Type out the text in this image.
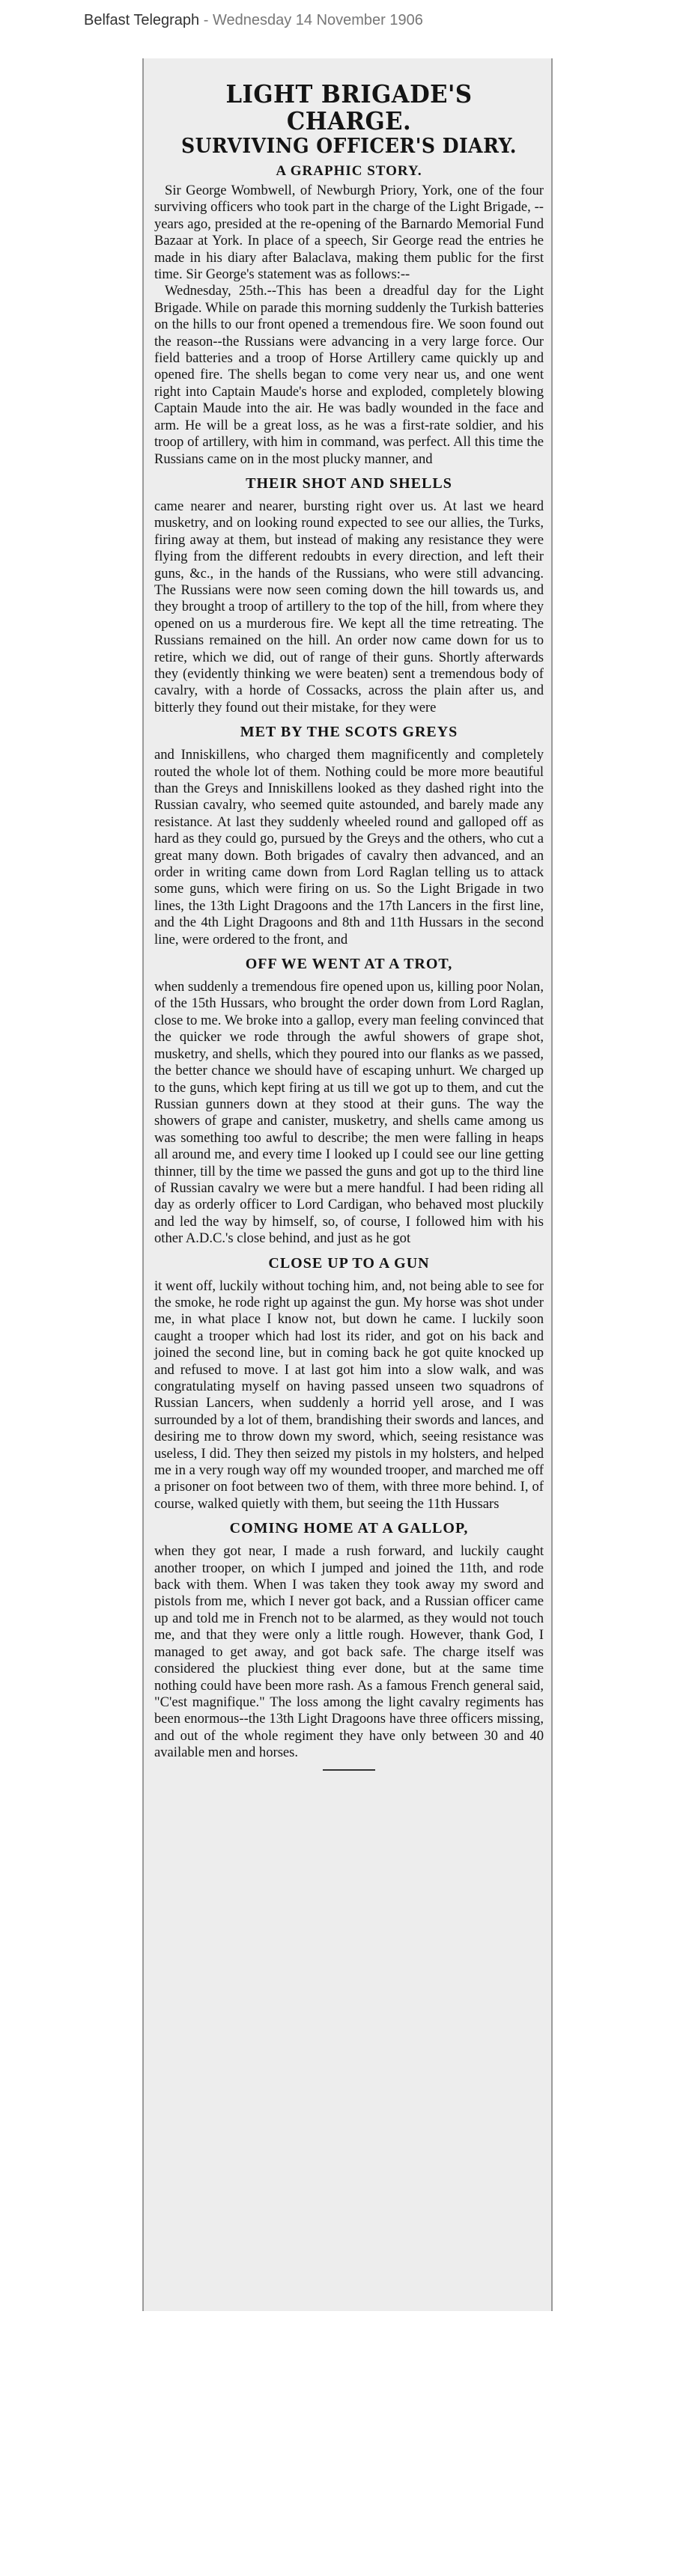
Belfast Telegraph - Wednesday 14 November 1906
LIGHT BRIGADE'S CHARGE.
SURVIVING OFFICER'S DIARY.
A GRAPHIC STORY.

Sir George Wombwell, of Newburgh Priory, York, one of the four surviving officers who took part in the charge of the Light Brigade, -- years ago, presided at the re-opening of the Barnardo Memorial Fund Bazaar at York. In place of a speech, Sir George read the entries he made in his diary after Balaclava, making them public for the first time. Sir George's statement was as follows:--

Wednesday, 25th.--This has been a dreadful day for the Light Brigade. While on parade this morning suddenly the Turkish batteries on the hills to our front opened a tremendous fire. We soon found out the reason--the Russians were advancing in a very large force. Our field batteries and a troop of Horse Artillery came quickly up and opened fire. The shells began to come very near us, and one went right into Captain Maude's horse and exploded, completely blowing Captain Maude into the air. He was badly wounded in the face and arm. He will be a great loss, as he was a first-rate soldier, and his troop of artillery, with him in command, was perfect. All this time the Russians came on in the most plucky manner, and

THEIR SHOT AND SHELLS

came nearer and nearer, bursting right over us. At last we heard musketry, and on looking round expected to see our allies, the Turks, firing away at them, but instead of making any resistance they were flying from the different redoubts in every direction, and left their guns, &c., in the hands of the Russians, who were still advancing. The Russians were now seen coming down the hill towards us, and they brought a troop of artillery to the top of the hill, from where they opened on us a murderous fire. We kept all the time retreating. The Russians remained on the hill. An order now came down for us to retire, which we did, out of range of their guns. Shortly afterwards they (evidently thinking we were beaten) sent a tremendous body of cavalry, with a horde of Cossacks, across the plain after us, and bitterly they found out their mistake, for they were

MET BY THE SCOTS GREYS

and Inniskillens, who charged them magnificently and completely routed the whole lot of them. Nothing could be more more beautiful than the Greys and Inniskillens looked as they dashed right into the Russian cavalry, who seemed quite astounded, and barely made any resistance. At last they suddenly wheeled round and galloped off as hard as they could go, pursued by the Greys and the others, who cut a great many down. Both brigades of cavalry then advanced, and an order in writing came down from Lord Raglan telling us to attack some guns, which were firing on us. So the Light Brigade in two lines, the 13th Light Dragoons and the 17th Lancers in the first line, and the 4th Light Dragoons and 8th and 11th Hussars in the second line, were ordered to the front, and

OFF WE WENT AT A TROT,

when suddenly a tremendous fire opened upon us, killing poor Nolan, of the 15th Hussars, who brought the order down from Lord Raglan, close to me. We broke into a gallop, every man feeling convinced that the quicker we rode through the awful showers of grape shot, musketry, and shells, which they poured into our flanks as we passed, the better chance we should have of escaping unhurt. We charged up to the guns, which kept firing at us till we got up to them, and cut the Russian gunners down at they stood at their guns. The way the showers of grape and canister, musketry, and shells came among us was something too awful to describe; the men were falling in heaps all around me, and every time I looked up I could see our line getting thinner, till by the time we passed the guns and got up to the third line of Russian cavalry we were but a mere handful. I had been riding all day as orderly officer to Lord Cardigan, who behaved most pluckily and led the way by himself, so, of course, I followed him with his other A.D.C.'s close behind, and just as he got

CLOSE UP TO A GUN

it went off, luckily without toching him, and, not being able to see for the smoke, he rode right up against the gun. My horse was shot under me, in what place I know not, but down he came. I luckily soon caught a trooper which had lost its rider, and got on his back and joined the second line, but in coming back he got quite knocked up and refused to move. I at last got him into a slow walk, and was congratulating myself on having passed unseen two squadrons of Russian Lancers, when suddenly a horrid yell arose, and I was surrounded by a lot of them, brandishing their swords and lances, and desiring me to throw down my sword, which, seeing resistance was useless, I did. They then seized my pistols in my holsters, and helped me in a very rough way off my wounded trooper, and marched me off a prisoner on foot between two of them, with three more behind. I, of course, walked quietly with them, but seeing the 11th Hussars

COMING HOME AT A GALLOP,

when they got near, I made a rush forward, and luckily caught another trooper, on which I jumped and joined the 11th, and rode back with them. When I was taken they took away my sword and pistols from me, which I never got back, and a Russian officer came up and told me in French not to be alarmed, as they would not touch me, and that they were only a little rough. However, thank God, I managed to get away, and got back safe. The charge itself was considered the pluckiest thing ever done, but at the same time nothing could have been more rash. As a famous French general said, "C'est magnifique." The loss among the light cavalry regiments has been enormous--the 13th Light Dragoons have three officers missing, and out of the whole regiment they have only between 30 and 40 available men and horses.
